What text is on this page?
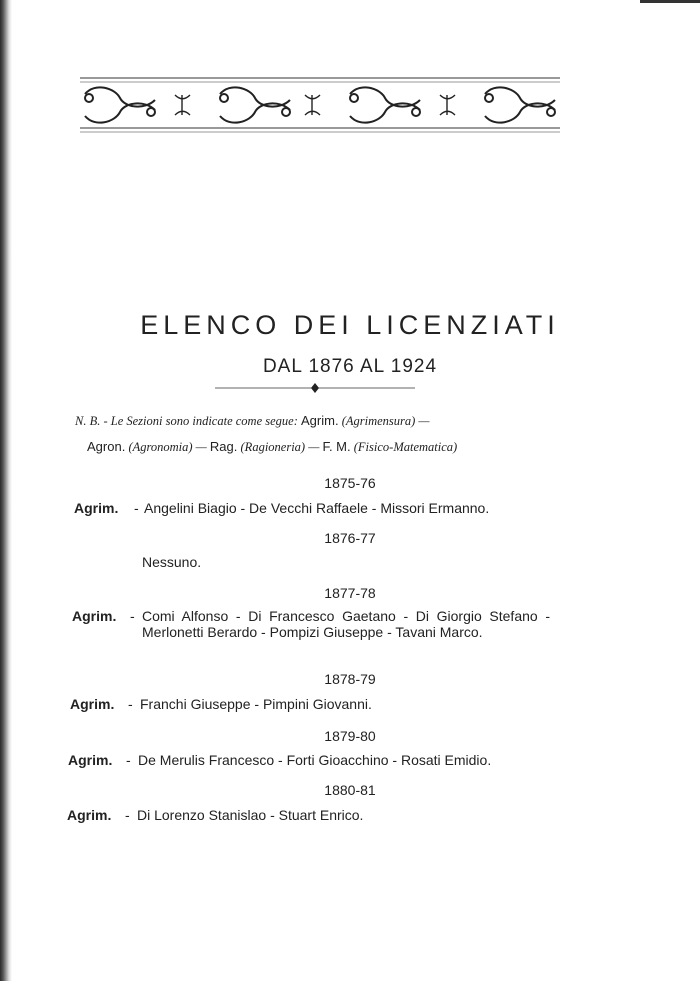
ELENCO DEI LICENZIATI
DAL 1876 AL 1924
N. B. - Le Sezioni sono indicate come segue: Agrim. (Agrimensura) —
Agron. (Agronomia) — Rag. (Ragioneria) — F. M. (Fisico-Matematica)
1875-76
Agrim. - Angelini Biagio - De Vecchi Raffaele - Missori Ermanno.
1876-77
Nessuno.
1877-78
Agrim. - Comi Alfonso - Di Francesco Gaetano - Di Giorgio Stefano - Merlonetti Berardo - Pompizi Giuseppe - Tavani Marco.
1878-79
Agrim. - Franchi Giuseppe - Pimpini Giovanni.
1879-80
Agrim. - De Merulis Francesco - Forti Gioacchino - Rosati Emidio.
1880-81
Agrim. - Di Lorenzo Stanislao - Stuart Enrico.
